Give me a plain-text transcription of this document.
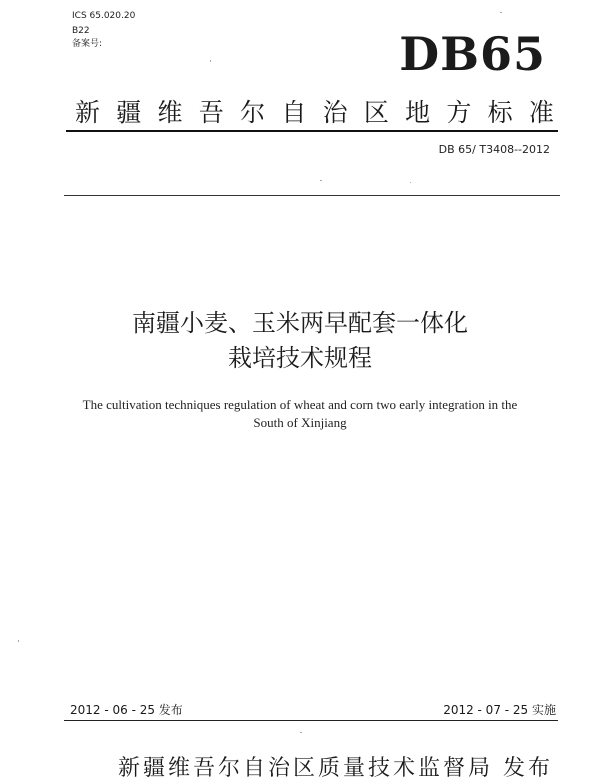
ICS 65.020.20
B22
备案号:	DB65
新 疆 维 吾 尔 自 治 区 地 方 标 准
DB 65/ T3408--2012
南疆小麦、玉米两早配套一体化
栽培技术规程
The cultivation techniques regulation of wheat and corn two early integration in the
South of Xinjiang
2012 - 06 - 25 发布	2012 - 07 - 25 实施
新疆维吾尔自治区质量技术监督局 发布
